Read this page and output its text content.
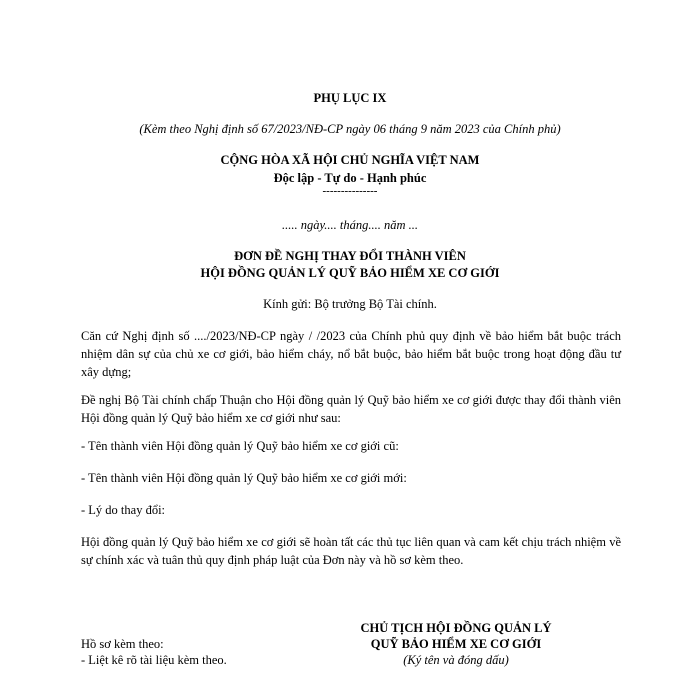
PHỤ LỤC IX
(Kèm theo Nghị định số 67/2023/NĐ-CP ngày 06 tháng 9 năm 2023 của Chính phủ)
CỘNG HÒA XÃ HỘI CHỦ NGHĨA VIỆT NAM
Độc lập - Tự do - Hạnh phúc
---------------
..... ngày.... tháng.... năm ...
ĐƠN ĐỀ NGHỊ THAY ĐỔI THÀNH VIÊN
HỘI ĐỒNG QUẢN LÝ QUỸ BẢO HIỂM XE CƠ GIỚI
Kính gửi: Bộ trưởng Bộ Tài chính.
Căn cứ Nghị định số ..../2023/NĐ-CP ngày / /2023 của Chính phủ quy định về bảo hiểm bắt buộc trách nhiệm dân sự của chủ xe cơ giới, bảo hiểm cháy, nổ bắt buộc, bảo hiểm bắt buộc trong hoạt động đầu tư xây dựng;
Đề nghị Bộ Tài chính chấp Thuận cho Hội đồng quản lý Quỹ bảo hiểm xe cơ giới được thay đổi thành viên Hội đồng quản lý Quỹ bảo hiểm xe cơ giới như sau:
- Tên thành viên Hội đồng quản lý Quỹ bảo hiểm xe cơ giới cũ:
- Tên thành viên Hội đồng quản lý Quỹ bảo hiểm xe cơ giới mới:
- Lý do thay đổi:
Hội đồng quản lý Quỹ bảo hiểm xe cơ giới sẽ hoàn tất các thủ tục liên quan và cam kết chịu trách nhiệm về sự chính xác và tuân thủ quy định pháp luật của Đơn này và hồ sơ kèm theo.
CHỦ TỊCH HỘI ĐỒNG QUẢN LÝ
QUỸ BẢO HIỂM XE CƠ GIỚI
(Ký tên và đóng dấu)
Hồ sơ kèm theo:
- Liệt kê rõ tài liệu kèm theo.
